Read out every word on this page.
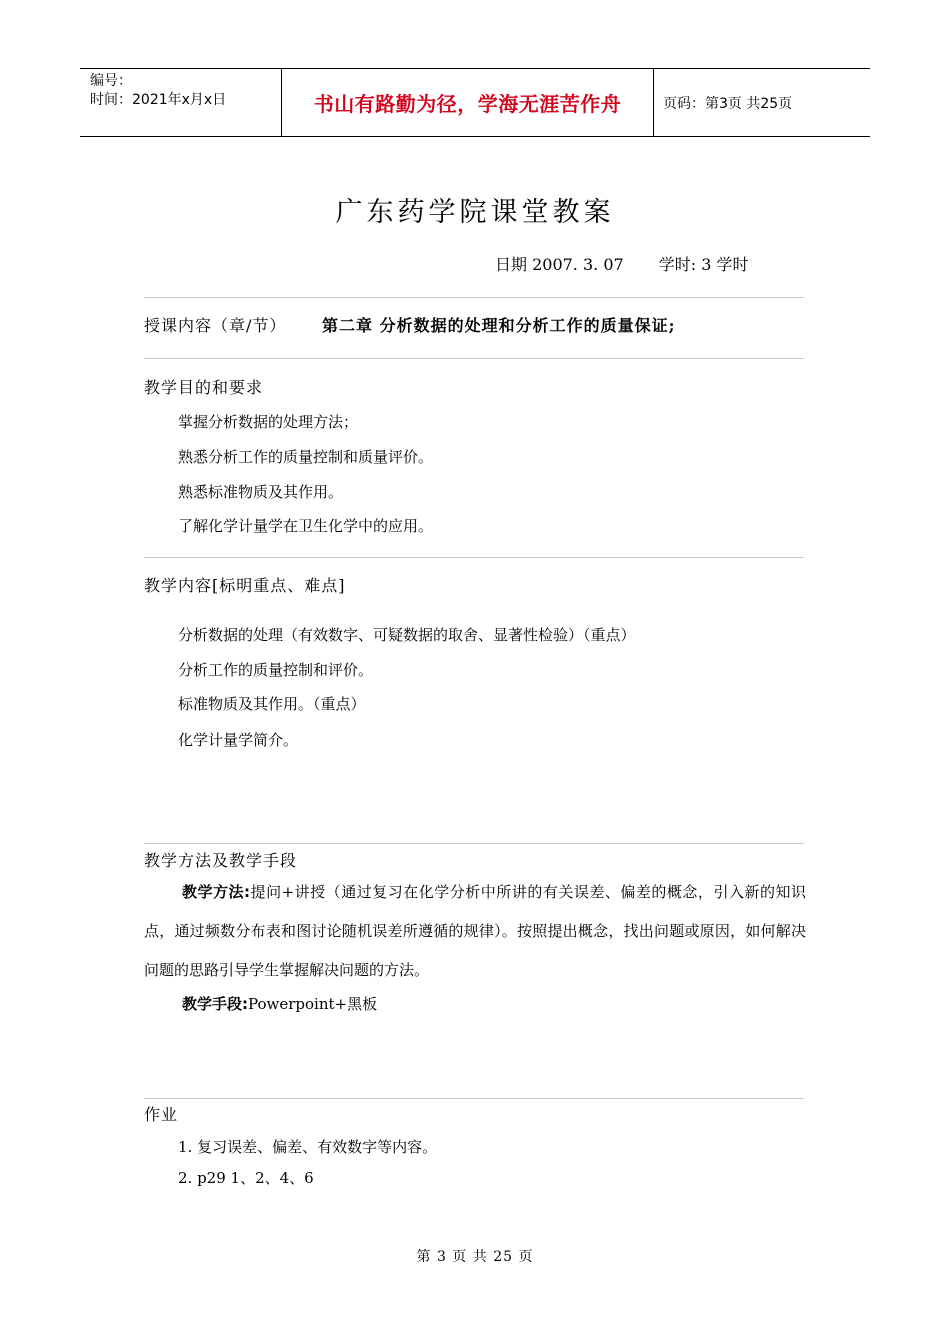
编号：
时间：2021年x月x日	书山有路勤为径，学海无涯苦作舟	页码：第3页 共25页
广东药学院课堂教案
日期 2007. 3. 07 学时: 3 学时
授课内容（章/节） 第二章 分析数据的处理和分析工作的质量保证;
教学目的和要求
掌握分析数据的处理方法；
熟悉分析工作的质量控制和质量评价。
熟悉标准物质及其作用。
了解化学计量学在卫生化学中的应用。
教学内容[标明重点、难点]
分析数据的处理（有效数字、可疑数据的取舍、显著性检验）（重点）
分析工作的质量控制和评价。
标准物质及其作用。（重点）
化学计量学简介。
教学方法及教学手段
教学方法:提问+讲授（通过复习在化学分析中所讲的有关误差、偏差的概念，引入新的知识点，通过频数分布表和图讨论随机误差所遵循的规律）。按照提出概念，找出问题或原因，如何解决问题的思路引导学生掌握解决问题的方法。
教学手段:Powerpoint+黑板
作业
1. 复习误差、偏差、有效数字等内容。
2. p29 1、2、4、6
第 3 页 共 25 页
